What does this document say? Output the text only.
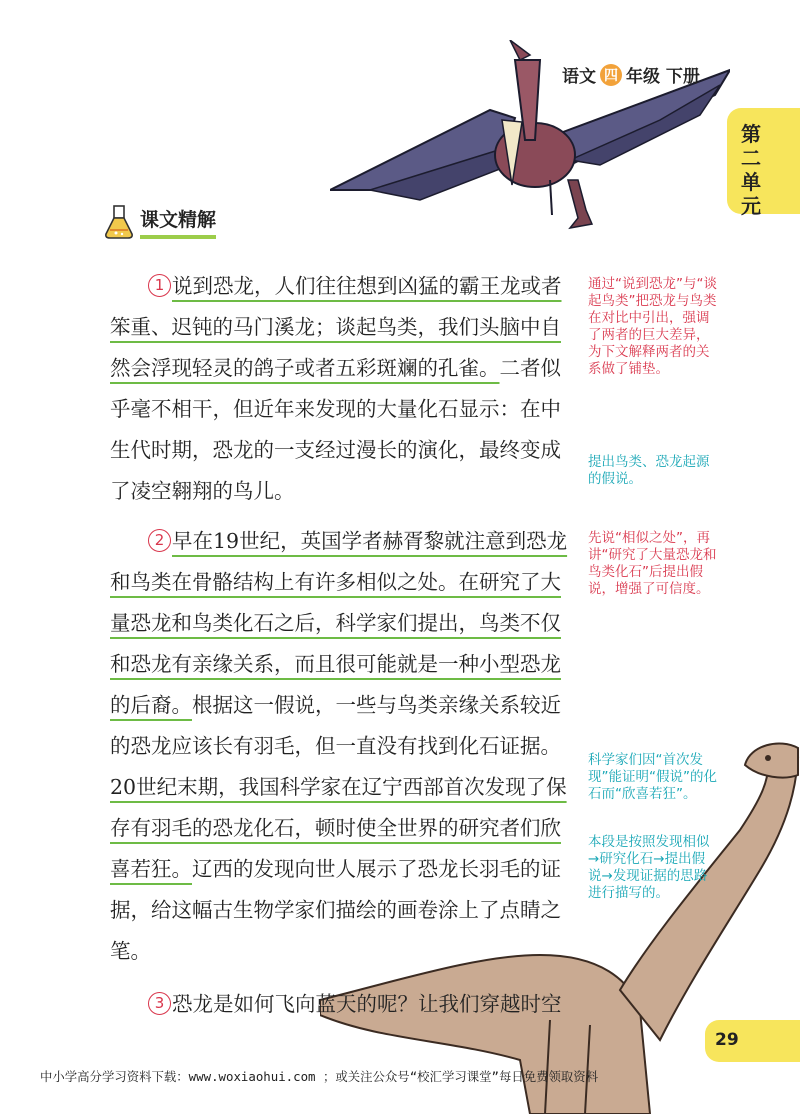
语文 四 年级 下册
第二单元
课文精解

1 说到恐龙，人们往往想到凶猛的霸王龙或者笨重、迟钝的马门溪龙；谈起鸟类，我们头脑中自然会浮现轻灵的鸽子或者五彩斑斓的孔雀。二者似乎毫不相干，但近年来发现的大量化石显示：在中生代时期，恐龙的一支经过漫长的演化，最终变成了凌空翱翔的鸟儿。

2 早在19世纪，英国学者赫胥黎就注意到恐龙和鸟类在骨骼结构上有许多相似之处。在研究了大量恐龙和鸟类化石之后，科学家们提出，鸟类不仅和恐龙有亲缘关系，而且很可能就是一种小型恐龙的后裔。根据这一假说，一些与鸟类亲缘关系较近的恐龙应该长有羽毛，但一直没有找到化石证据。20世纪末期，我国科学家在辽宁西部首次发现了保存有羽毛的恐龙化石，顿时使全世界的研究者们欣喜若狂。辽西的发现向世人展示了恐龙长羽毛的证据，给这幅古生物学家们描绘的画卷涂上了点睛之笔。

3 恐龙是如何飞向蓝天的呢？让我们穿越时空

通过“说到恐龙”与“谈起鸟类”把恐龙与鸟类在对比中引出，强调了两者的巨大差异，为下文解释两者的关系做了铺垫。

提出鸟类、恐龙起源的假说。

先说“相似之处”，再讲“研究了大量恐龙和鸟类化石”后提出假说，增强了可信度。

科学家们因“首次发现”能证明“假说”的化石而“欣喜若狂”。

本段是按照发现相似→研究化石→提出假说→发现证据的思路进行描写的。

29
中小学高分学习资料下载：www.woxiaohui.com ；或关注公众号“校汇学习课堂”每日免费领取资料
